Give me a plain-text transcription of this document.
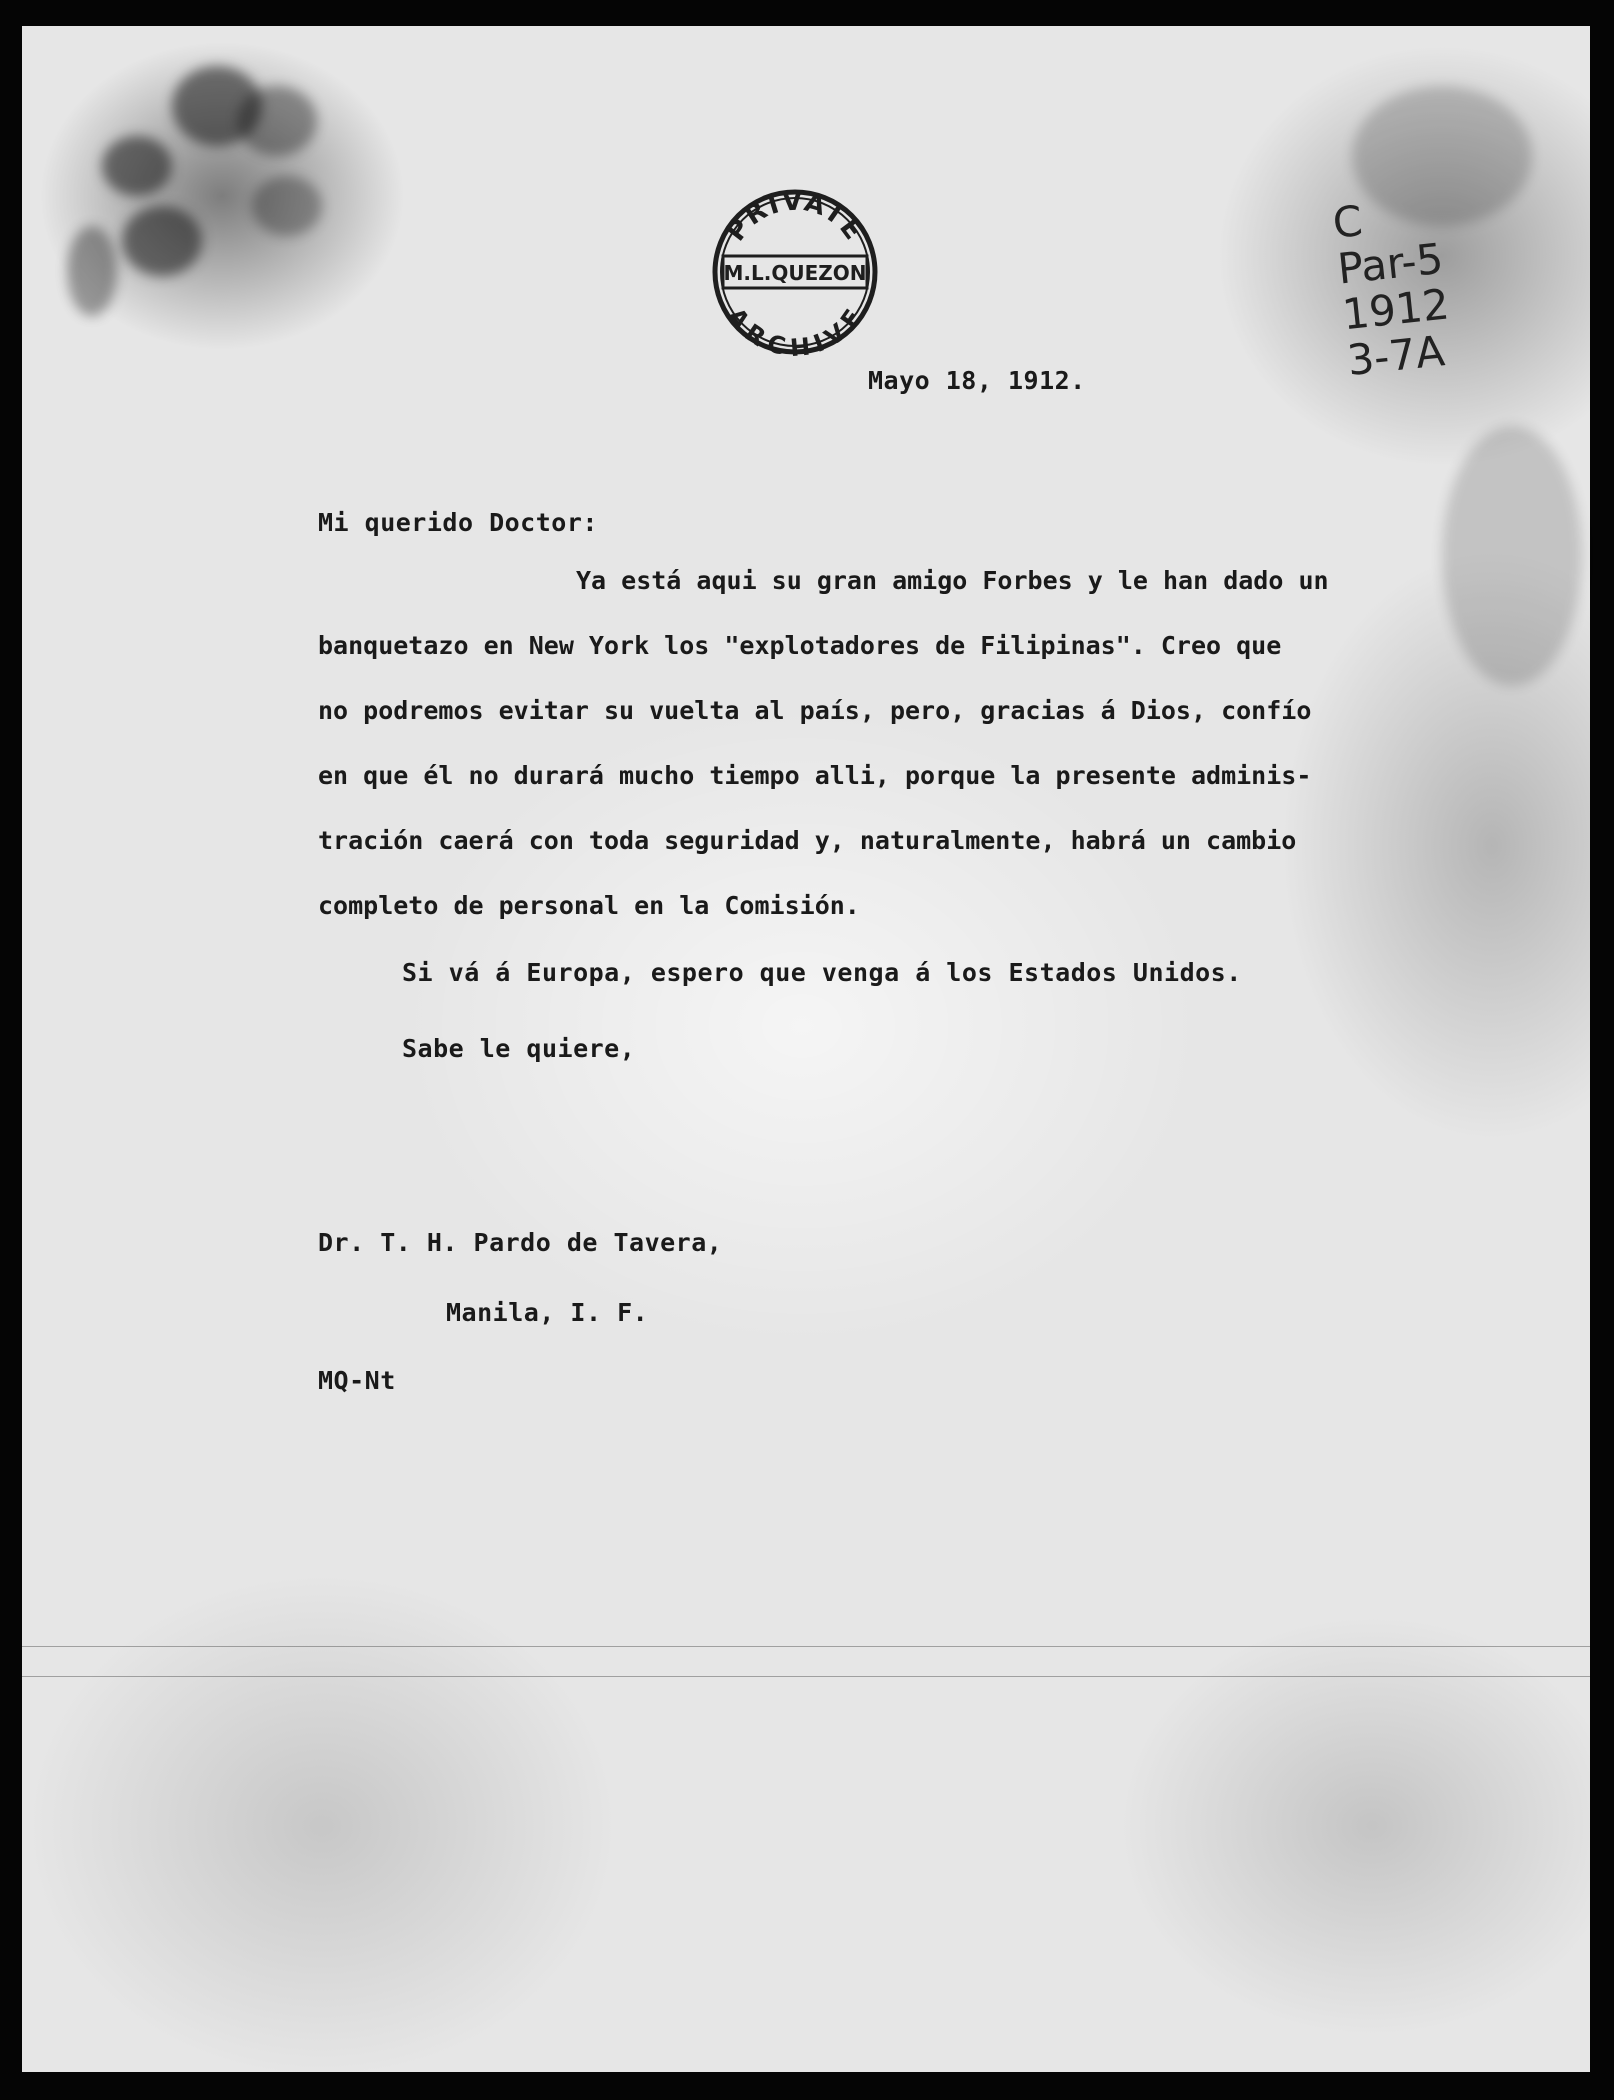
PRIVATE
M.L.QUEZON
ARCHIVE
C
Par-5
1912
3-7A

Mayo 18, 1912.

Mi querido Doctor:

Ya está aqui su gran amigo Forbes y le han dado un
banquetazo en New York los "explotadores de Filipinas". Creo que
no podremos evitar su vuelta al país, pero, gracias á Dios, confío
en que él no durará mucho tiempo alli, porque la presente adminis-
tración caerá con toda seguridad y, naturalmente, habrá un cambio
completo de personal en la Comisión.

Si vá á Europa, espero que venga á los Estados Unidos.

Sabe le quiere,

Dr. T. H. Pardo de Tavera,

Manila, I. F.

MQ-Nt
